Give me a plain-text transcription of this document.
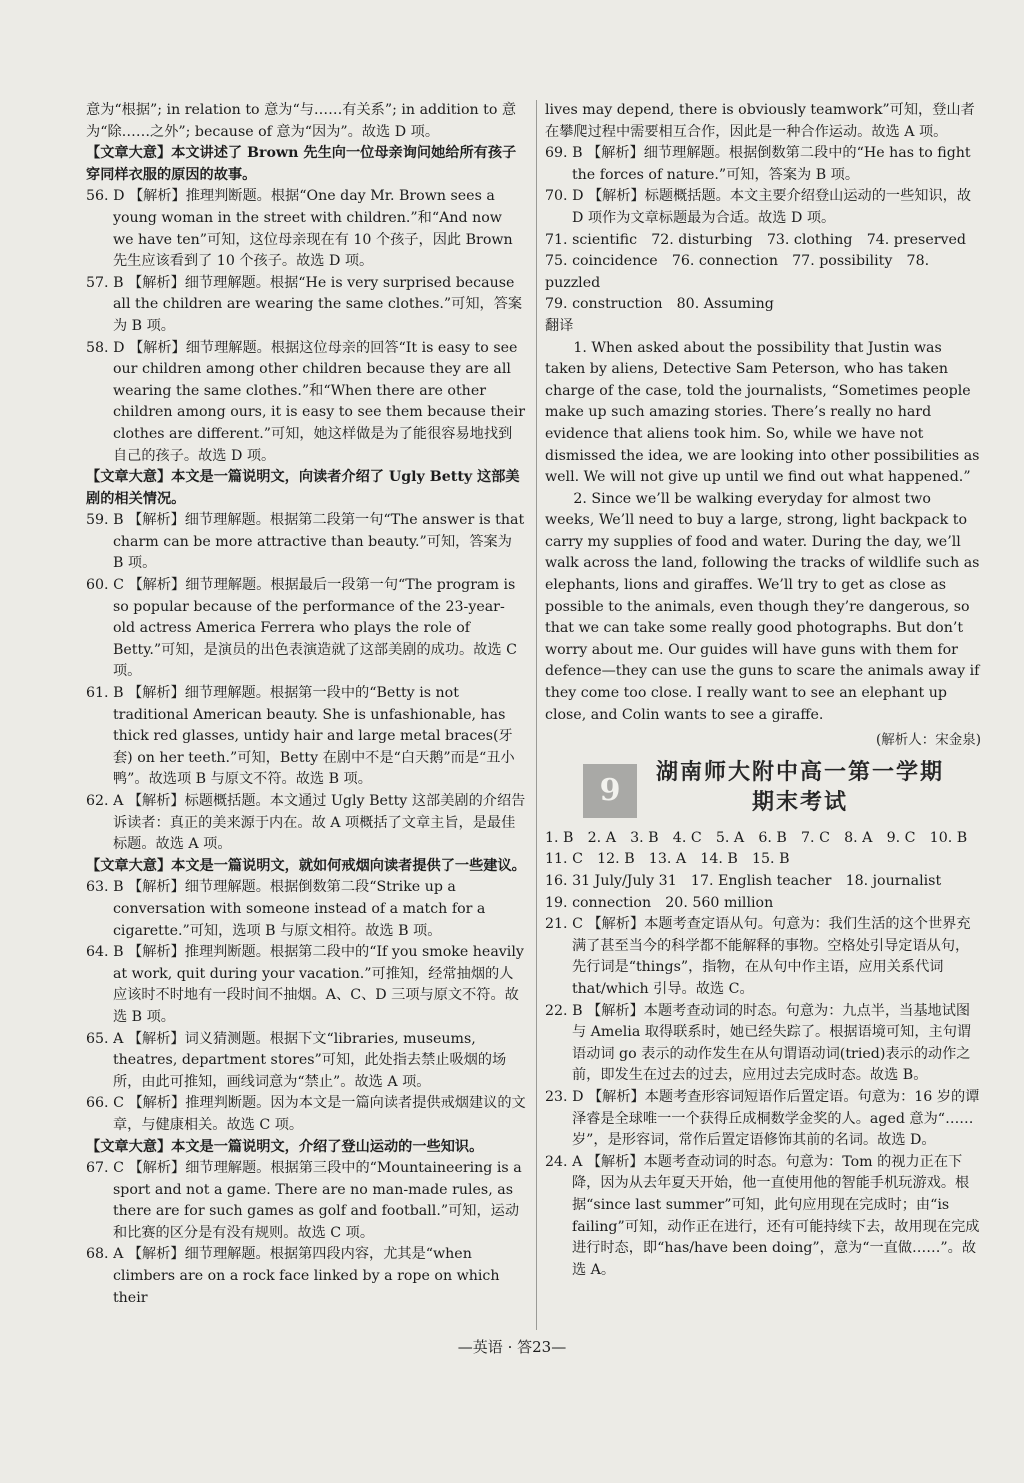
意为“根据”; in relation to 意为“与……有关系”; in addition to 意为“除……之外”; because of 意为“因为”。故选 D 项。

【文章大意】本文讲述了 Brown 先生向一位母亲询问她给所有孩子穿同样衣服的原因的故事。

56. D 【解析】推理判断题。根据“One day Mr. Brown sees a young woman in the street with children.”和“And now we have ten”可知，这位母亲现在有 10 个孩子，因此 Brown 先生应该看到了 10 个孩子。故选 D 项。

57. B 【解析】细节理解题。根据“He is very surprised because all the children are wearing the same clothes.”可知，答案为 B 项。

58. D 【解析】细节理解题。根据这位母亲的回答“It is easy to see our children among other children because they are all wearing the same clothes.”和“When there are other children among ours, it is easy to see them because their clothes are different.”可知，她这样做是为了能很容易地找到自己的孩子。故选 D 项。

【文章大意】本文是一篇说明文，向读者介绍了 Ugly Betty 这部美剧的相关情况。

59. B 【解析】细节理解题。根据第二段第一句“The answer is that charm can be more attractive than beauty.”可知，答案为 B 项。

60. C 【解析】细节理解题。根据最后一段第一句“The program is so popular because of the performance of the 23-year-old actress America Ferrera who plays the role of Betty.”可知，是演员的出色表演造就了这部美剧的成功。故选 C 项。

61. B 【解析】细节理解题。根据第一段中的“Betty is not traditional American beauty. She is unfashionable, has thick red glasses, untidy hair and large metal braces(牙套) on her teeth.”可知，Betty 在剧中不是“白天鹅”而是“丑小鸭”。故选项 B 与原文不符。故选 B 项。

62. A 【解析】标题概括题。本文通过 Ugly Betty 这部美剧的介绍告诉读者：真正的美来源于内在。故 A 项概括了文章主旨，是最佳标题。故选 A 项。

【文章大意】本文是一篇说明文，就如何戒烟向读者提供了一些建议。

63. B 【解析】细节理解题。根据倒数第二段“Strike up a conversation with someone instead of a match for a cigarette.”可知，选项 B 与原文相符。故选 B 项。

64. B 【解析】推理判断题。根据第二段中的“If you smoke heavily at work, quit during your vacation.”可推知，经常抽烟的人应该时不时地有一段时间不抽烟。A、C、D 三项与原文不符。故选 B 项。

65. A 【解析】词义猜测题。根据下文“libraries, museums, theatres, department stores”可知，此处指去禁止吸烟的场所，由此可推知，画线词意为“禁止”。故选 A 项。

66. C 【解析】推理判断题。因为本文是一篇向读者提供戒烟建议的文章，与健康相关。故选 C 项。

【文章大意】本文是一篇说明文，介绍了登山运动的一些知识。

67. C 【解析】细节理解题。根据第三段中的“Mountaineering is a sport and not a game. There are no man-made rules, as there are for such games as golf and football.”可知，运动和比赛的区分是有没有规则。故选 C 项。

68. A 【解析】细节理解题。根据第四段内容，尤其是“when climbers are on a rock face linked by a rope on which their

lives may depend, there is obviously teamwork”可知，登山者在攀爬过程中需要相互合作，因此是一种合作运动。故选 A 项。

69. B 【解析】细节理解题。根据倒数第二段中的“He has to fight the forces of nature.”可知，答案为 B 项。

70. D 【解析】标题概括题。本文主要介绍登山运动的一些知识，故 D 项作为文章标题最为合适。故选 D 项。

71. scientific　72. disturbing　73. clothing　74. preserved

75. coincidence　76. connection　77. possibility　78. puzzled

79. construction　80. Assuming

翻译

1. When asked about the possibility that Justin was taken by aliens, Detective Sam Peterson, who has taken charge of the case, told the journalists, “Sometimes people make up such amazing stories. There’s really no hard evidence that aliens took him. So, while we have not dismissed the idea, we are looking into other possibilities as well. We will not give up until we find out what happened.”

2. Since we’ll be walking everyday for almost two weeks, We’ll need to buy a large, strong, light backpack to carry my supplies of food and water. During the day, we’ll walk across the land, following the tracks of wildlife such as elephants, lions and giraffes. We’ll try to get as close as possible to the animals, even though they’re dangerous, so that we can take some really good photographs. But don’t worry about me. Our guides will have guns with them for defence—they can use the guns to scare the animals away if they come too close. I really want to see an elephant up close, and Colin wants to see a giraffe.

(解析人：宋金泉)

9
湖南师大附中高一第一学期
期末考试

1. B　2. A　3. B　4. C　5. A　6. B　7. C　8. A　9. C　10. B

11. C　12. B　13. A　14. B　15. B

16. 31 July/July 31　17. English teacher　18. journalist

19. connection　20. 560 million

21. C 【解析】本题考查定语从句。句意为：我们生活的这个世界充满了甚至当今的科学都不能解释的事物。空格处引导定语从句，先行词是“things”，指物，在从句中作主语，应用关系代词 that/which 引导。故选 C。

22. B 【解析】本题考查动词的时态。句意为：九点半，当基地试图与 Amelia 取得联系时，她已经失踪了。根据语境可知，主句谓语动词 go 表示的动作发生在从句谓语动词(tried)表示的动作之前，即发生在过去的过去，应用过去完成时态。故选 B。

23. D 【解析】本题考查形容词短语作后置定语。句意为：16 岁的谭泽睿是全球唯一一个获得丘成桐数学金奖的人。aged 意为“……岁”，是形容词，常作后置定语修饰其前的名词。故选 D。

24. A 【解析】本题考查动词的时态。句意为：Tom 的视力正在下降，因为从去年夏天开始，他一直使用他的智能手机玩游戏。根据“since last summer”可知，此句应用现在完成时；由“is failing”可知，动作正在进行，还有可能持续下去，故用现在完成进行时态，即“has/have been doing”，意为“一直做……”。故选 A。

—英语 · 答23—
